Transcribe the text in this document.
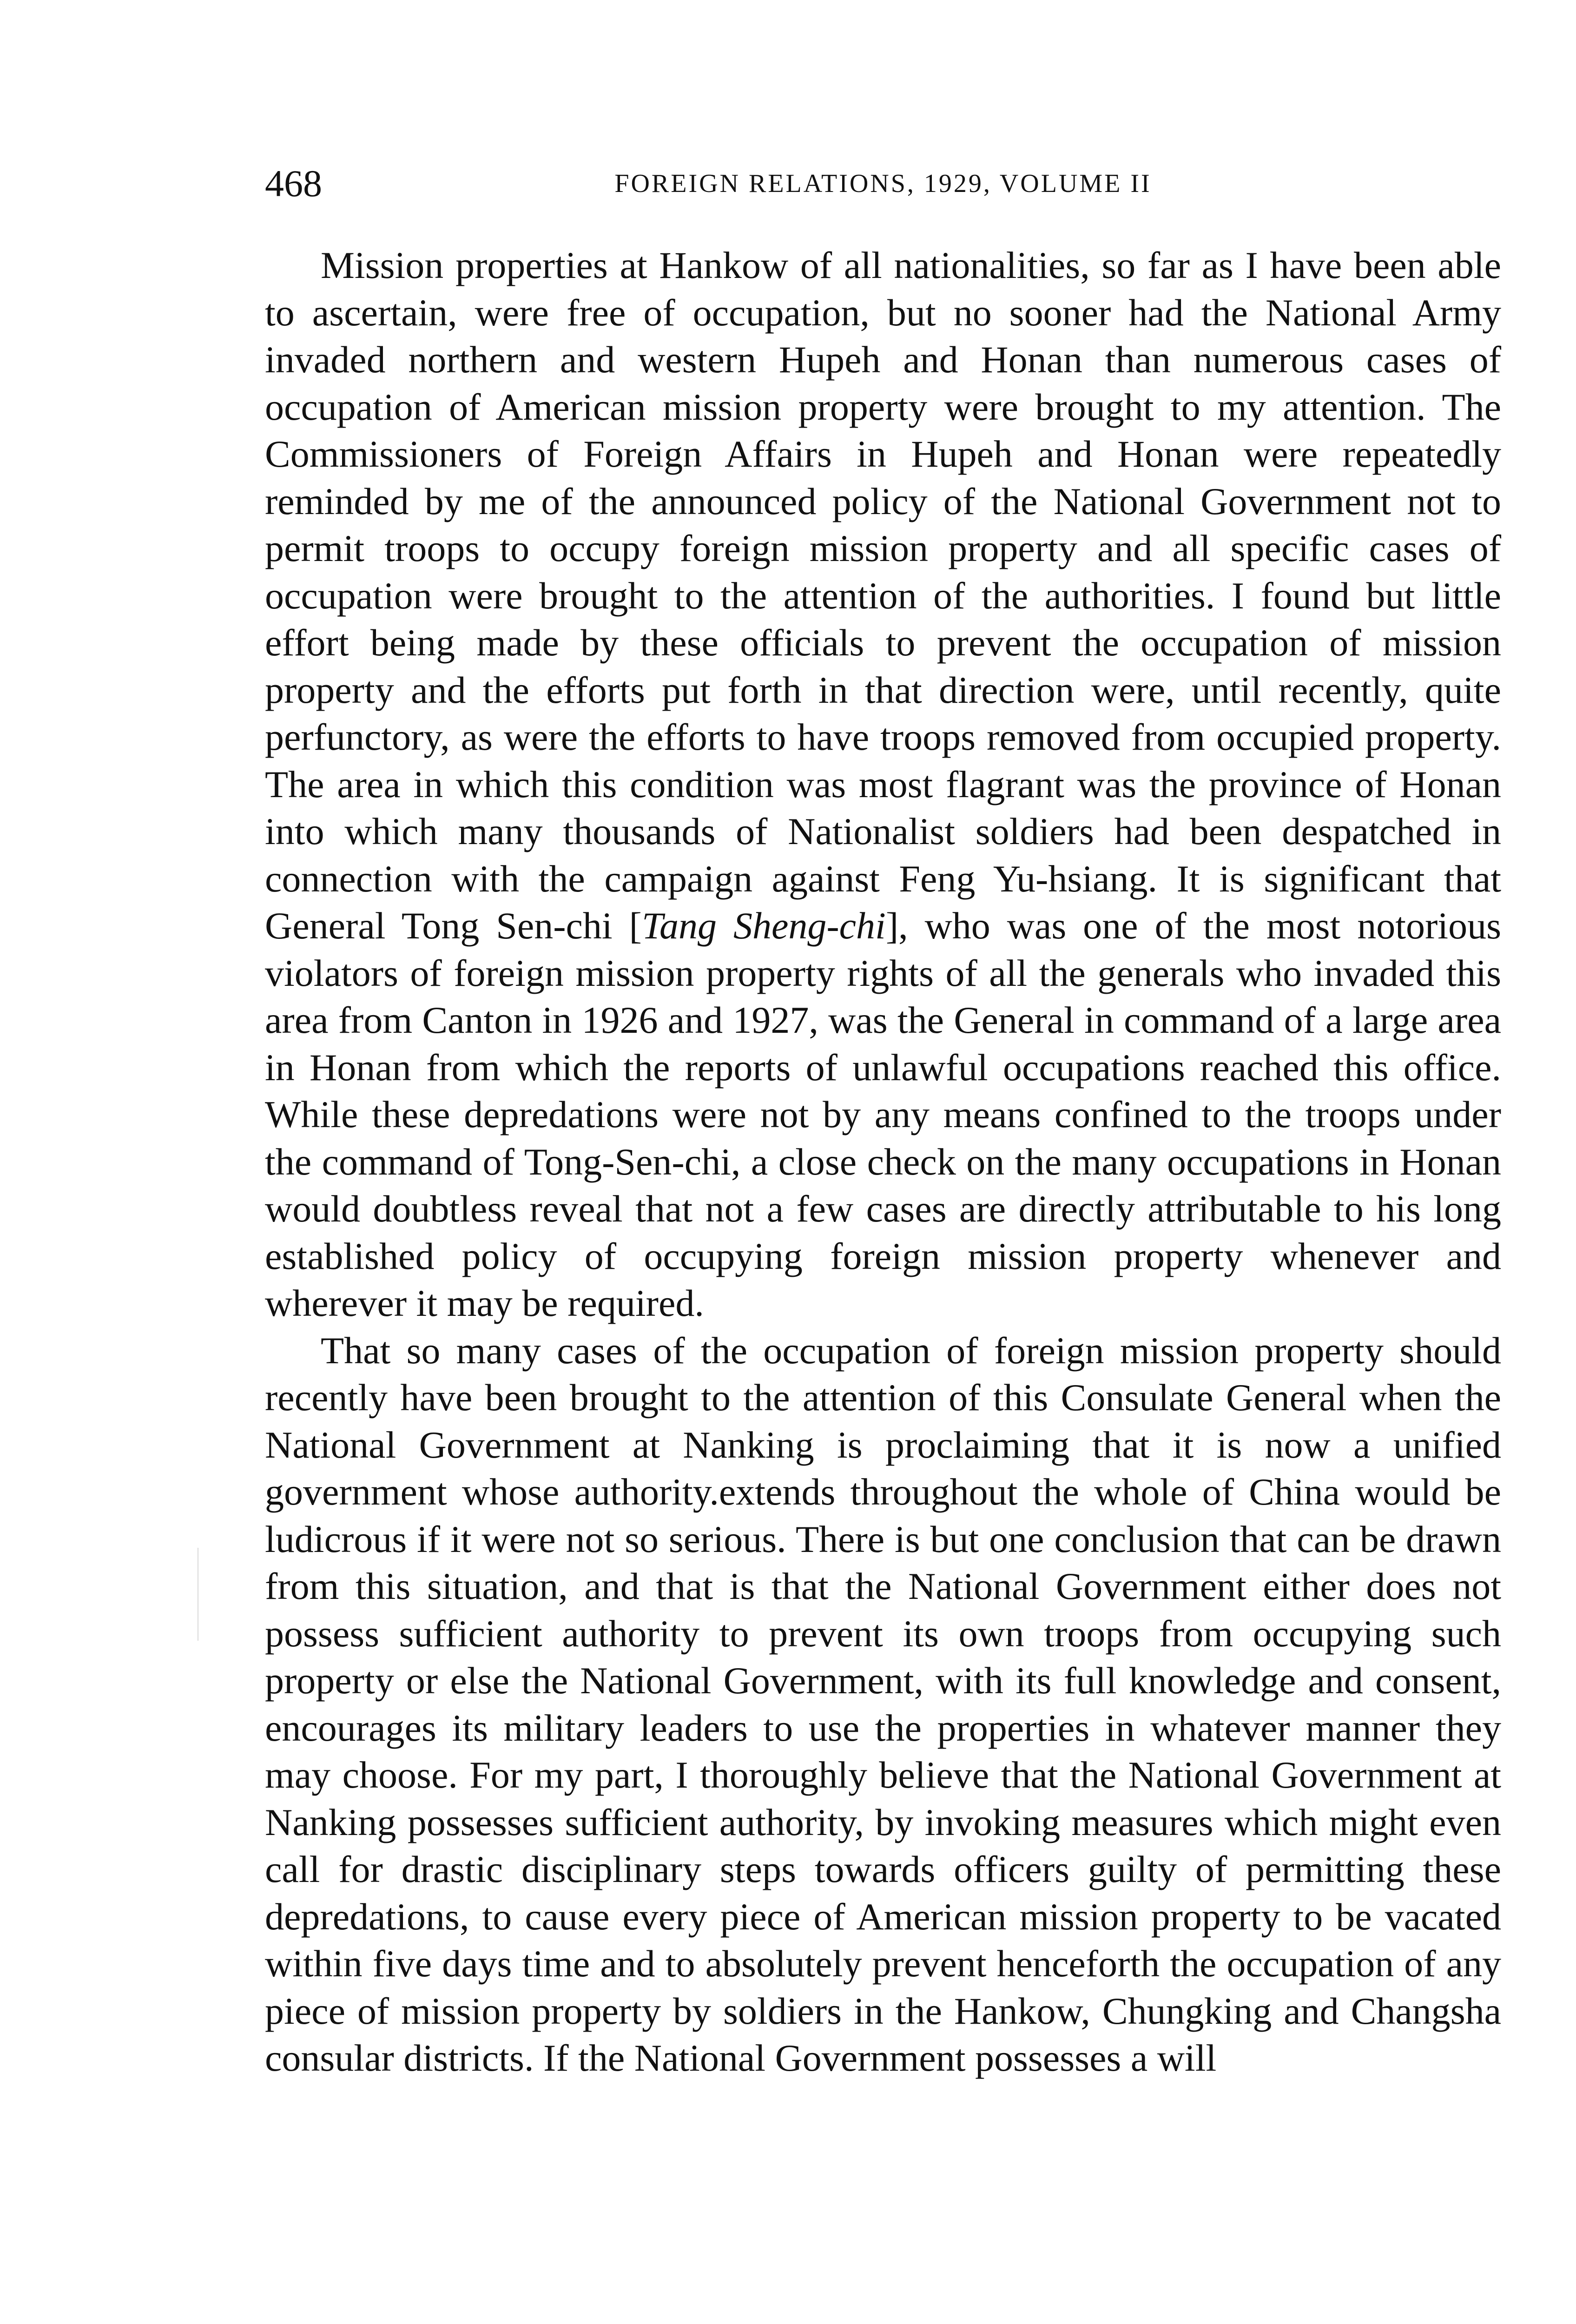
468	FOREIGN RELATIONS, 1929, VOLUME II

Mission properties at Hankow of all nationalities, so far as I have been able to ascertain, were free of occupation, but no sooner had the National Army invaded northern and western Hupeh and Honan than numerous cases of occupation of American mission property were brought to my attention. The Commissioners of Foreign Affairs in Hupeh and Honan were repeatedly reminded by me of the announced policy of the National Government not to permit troops to occupy foreign mission property and all specific cases of occupation were brought to the attention of the authorities. I found but little effort being made by these officials to prevent the occupation of mission property and the efforts put forth in that direction were, until recently, quite perfunctory, as were the efforts to have troops removed from occupied property. The area in which this condition was most flagrant was the province of Honan into which many thousands of Nationalist soldiers had been despatched in connection with the campaign against Feng Yu-hsiang. It is significant that General Tong Sen-chi [Tang Sheng-chi], who was one of the most notorious violators of foreign mission property rights of all the generals who invaded this area from Canton in 1926 and 1927, was the General in command of a large area in Honan from which the reports of unlawful occupations reached this office. While these depredations were not by any means confined to the troops under the command of Tong-Sen-chi, a close check on the many occupations in Honan would doubtless reveal that not a few cases are directly attributable to his long established policy of occupying foreign mission property whenever and wherever it may be required.

That so many cases of the occupation of foreign mission property should recently have been brought to the attention of this Consulate General when the National Government at Nanking is proclaiming that it is now a unified government whose authority.extends throughout the whole of China would be ludicrous if it were not so serious. There is but one conclusion that can be drawn from this situation, and that is that the National Government either does not possess sufficient authority to prevent its own troops from occupying such property or else the National Government, with its full knowledge and consent, encourages its military leaders to use the properties in whatever manner they may choose. For my part, I thoroughly believe that the National Government at Nanking possesses sufficient authority, by invoking measures which might even call for drastic disciplinary steps towards officers guilty of permitting these depredations, to cause every piece of American mission property to be vacated within five days time and to absolutely prevent henceforth the occupation of any piece of mission property by soldiers in the Hankow, Chungking and Changsha consular districts. If the National Government possesses a will
